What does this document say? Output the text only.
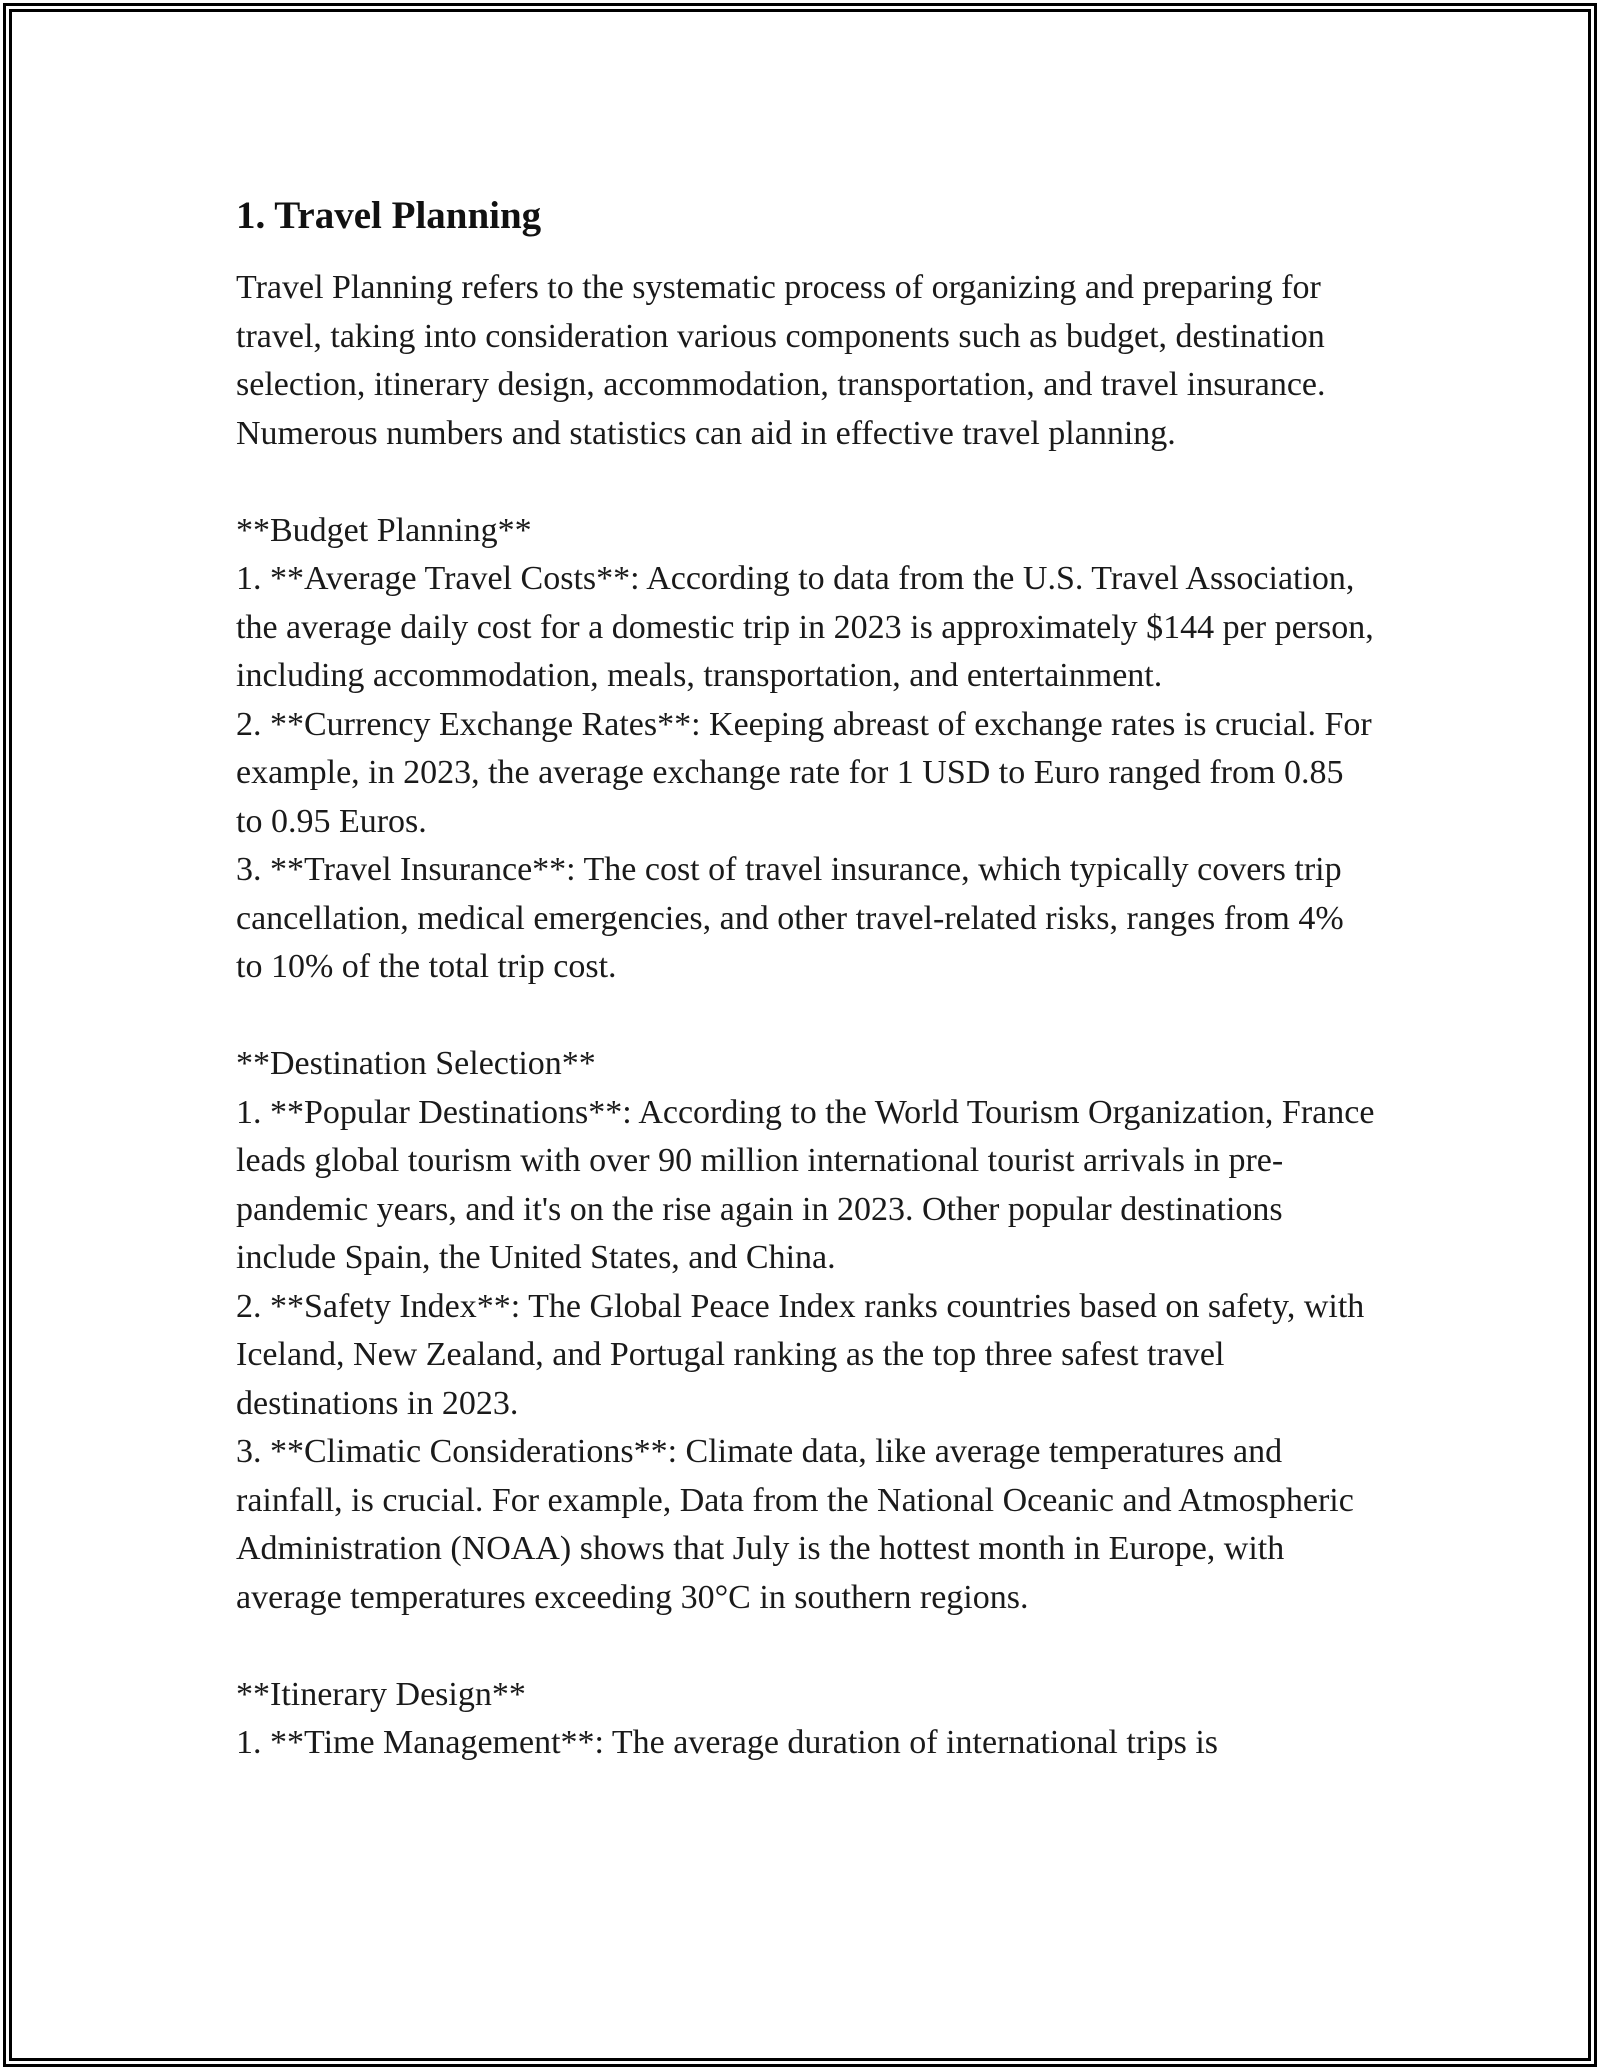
1. Travel Planning

Travel Planning refers to the systematic process of organizing and preparing for travel, taking into consideration various components such as budget, destination selection, itinerary design, accommodation, transportation, and travel insurance. Numerous numbers and statistics can aid in effective travel planning.

**Budget Planning**

1. **Average Travel Costs**: According to data from the U.S. Travel Association, the average daily cost for a domestic trip in 2023 is approximately $144 per person, including accommodation, meals, transportation, and entertainment.

2. **Currency Exchange Rates**: Keeping abreast of exchange rates is crucial. For example, in 2023, the average exchange rate for 1 USD to Euro ranged from 0.85 to 0.95 Euros.

3. **Travel Insurance**: The cost of travel insurance, which typically covers trip cancellation, medical emergencies, and other travel-related risks, ranges from 4% to 10% of the total trip cost.

**Destination Selection**

1. **Popular Destinations**: According to the World Tourism Organization, France leads global tourism with over 90 million international tourist arrivals in pre-pandemic years, and it's on the rise again in 2023. Other popular destinations include Spain, the United States, and China.

2. **Safety Index**: The Global Peace Index ranks countries based on safety, with Iceland, New Zealand, and Portugal ranking as the top three safest travel destinations in 2023.

3. **Climatic Considerations**: Climate data, like average temperatures and rainfall, is crucial. For example, Data from the National Oceanic and Atmospheric Administration (NOAA) shows that July is the hottest month in Europe, with average temperatures exceeding 30°C in southern regions.

**Itinerary Design**

1. **Time Management**: The average duration of international trips is
